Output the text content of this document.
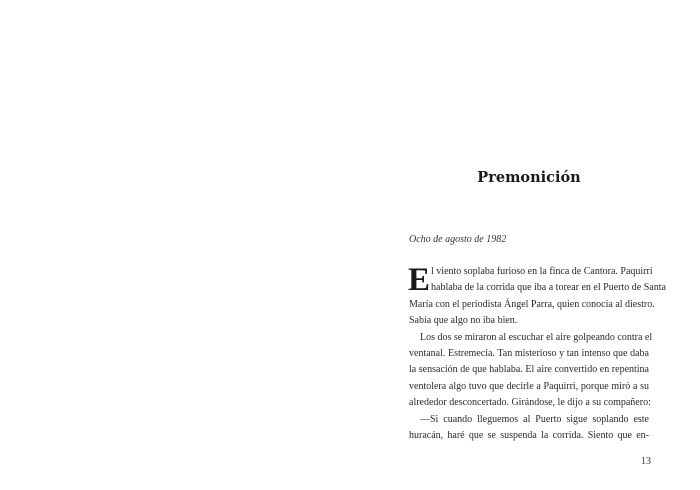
Premonición

Ocho de agosto de 1982

E l viento soplaba furioso en la finca de Cantora. Paquirri
hablaba de la corrida que iba a torear en el Puerto de Santa
María con el periodista Ángel Parra, quien conocía al diestro.
Sabía que algo no iba bien.
Los dos se miraron al escuchar el aire golpeando contra el
ventanal. Estremecía. Tan misterioso y tan intenso que daba
la sensación de que hablaba. El aire convertido en repentina
ventolera algo tuvo que decirle a Paquirri, porque miró a su
alrededor desconcertado. Girándose, le dijo a su compañero:
—Si cuando lleguemos al Puerto sigue soplando este
huracán, haré que se suspenda la corrida. Siento que en-

13
